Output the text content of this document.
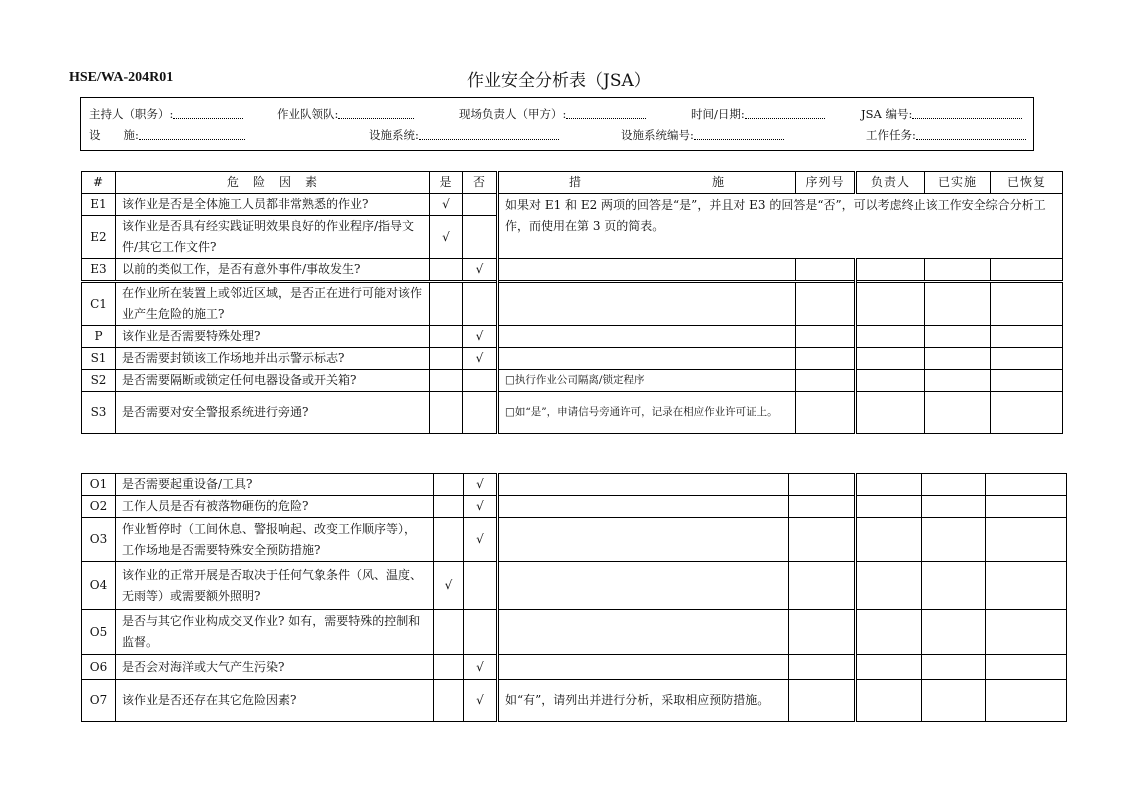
HSE/WA-204R01	作业安全分析表（JSA）
主持人（职务）:	作业队领队:	现场负责人（甲方）:	时间/日期:	JSA 编号:
设　　施:	设施系统:	设施系统编号:	工作任务:
#	危　险　因　素	是	否	措　　　　　　　　　　施	序列号	负责人	已实施	已恢复
E1	该作业是否是全体施工人员都非常熟悉的作业?	√		如果对 E1 和 E2 两项的回答是“是”，并且对 E3 的回答是“否”，可以考虑终止该工作安全综合分析工作，而使用在第 3 页的简表。				
E2	该作业是否具有经实践证明效果良好的作业程序/指导文件/其它工作文件?	√						
E3	以前的类似工作，是否有意外事件/事故发生?		√					
C1	在作业所在装置上或邻近区域，是否正在进行可能对该作业产生危险的施工?							
P	该作业是否需要特殊处理?		√					
S1	是否需要封锁该工作场地并出示警示标志?		√					
S2	是否需要隔断或锁定任何电器设备或开关箱?			□执行作业公司隔离/锁定程序				
S3	是否需要对安全警报系统进行旁通?			□如“是”，申请信号旁通许可，记录在相应作业许可证上。				
O1	是否需要起重设备/工具?		√					
O2	工作人员是否有被落物砸伤的危险?		√					
O3	作业暂停时（工间休息、警报响起、改变工作顺序等），工作场地是否需要特殊安全预防措施?		√					
O4	该作业的正常开展是否取决于任何气象条件（风、温度、无雨等）或需要额外照明?	√						
O5	是否与其它作业构成交叉作业? 如有，需要特殊的控制和监督。							
O6	是否会对海洋或大气产生污染?		√					
O7	该作业是否还存在其它危险因素?		√	如“有”，请列出并进行分析，采取相应预防措施。				
